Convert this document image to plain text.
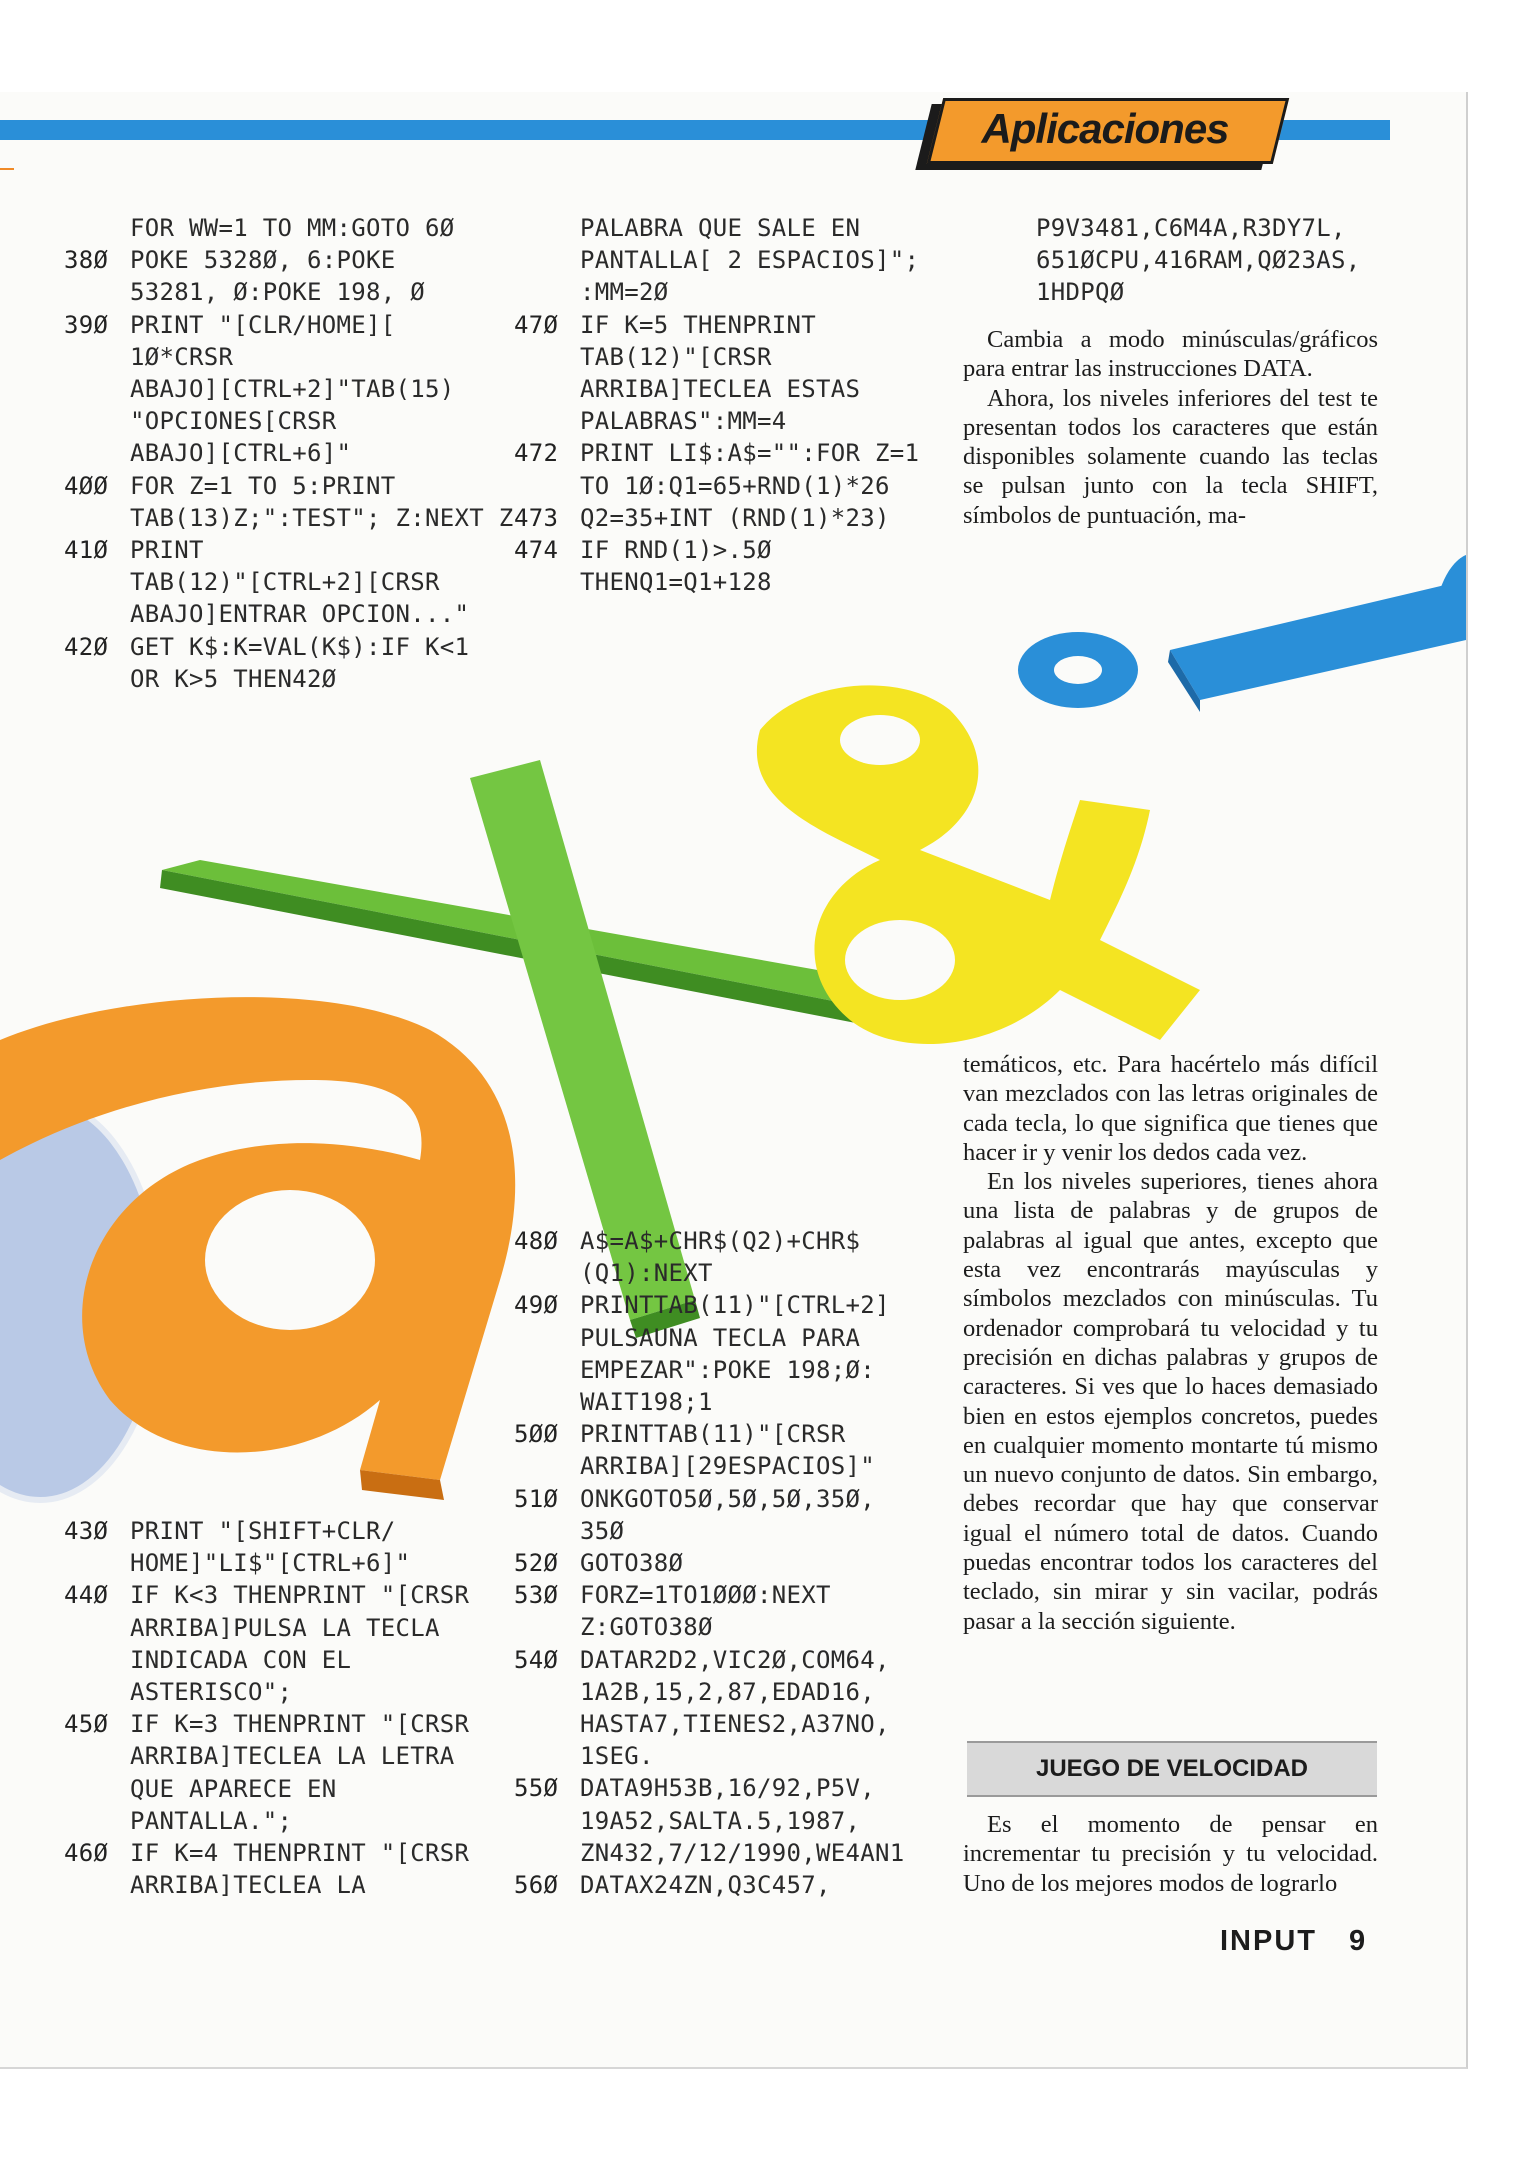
Aplicaciones
FOR WW=1 TO MM:GOTO 6Ø
38Ø POKE 5328Ø, 6:POKE
53281, Ø:POKE 198, Ø
39Ø PRINT "[CLR/HOME][
1Ø*CRSR
ABAJO][CTRL+2]"TAB(15)
"OPCIONES[CRSR
ABAJO][CTRL+6]"
4ØØ FOR Z=1 TO 5:PRINT
TAB(13)Z;":TEST"; Z:NEXT Z
41Ø PRINT
TAB(12)"[CTRL+2][CRSR
ABAJO]ENTRAR OPCION..."
42Ø GET K$:K=VAL(K$):IF K<1
OR K>5 THEN42Ø
PALABRA QUE SALE EN
PANTALLA[ 2 ESPACIOS]";
:MM=2Ø
47Ø IF K=5 THENPRINT
TAB(12)"[CRSR
ARRIBA]TECLEA ESTAS
PALABRAS":MM=4
472 PRINT LI$:A$="":FOR Z=1
TO 1Ø:Q1=65+RND(1)*26
473 Q2=35+INT (RND(1)*23)
474 IF RND(1)>.5Ø
THENQ1=Q1+128
P9V3481,C6M4A,R3DY7L,
651ØCPU,416RAM,QØ23AS,
1HDPQØ
43Ø PRINT "[SHIFT+CLR/
HOME]"LI$"[CTRL+6]"
44Ø IF K<3 THENPRINT "[CRSR
ARRIBA]PULSA LA TECLA
INDICADA CON EL
ASTERISCO";
45Ø IF K=3 THENPRINT "[CRSR
ARRIBA]TECLEA LA LETRA
QUE APARECE EN
PANTALLA.";
46Ø IF K=4 THENPRINT "[CRSR
ARRIBA]TECLEA LA
48Ø A$=A$+CHR$(Q2)+CHR$
(Q1):NEXT
49Ø PRINTTAB(11)"[CTRL+2]
PULSAUNA TECLA PARA
EMPEZAR":POKE 198;Ø:
WAIT198;1
5ØØ PRINTTAB(11)"[CRSR
ARRIBA][29ESPACIOS]"
51Ø ONKGOTO5Ø,5Ø,5Ø,35Ø,
35Ø
52Ø GOTO38Ø
53Ø FORZ=1TO1ØØØ:NEXT
Z:GOTO38Ø
54Ø DATAR2D2,VIC2Ø,COM64,
1A2B,15,2,87,EDAD16,
HASTA7,TIENES2,A37NO,
1SEG.
55Ø DATA9H53B,16/92,P5V,
19A52,SALTA.5,1987,
ZN432,7/12/1990,WE4AN1
56Ø DATAX24ZN,Q3C457,

Cambia a modo minúsculas/gráficos para entrar las instrucciones DATA.

Ahora, los niveles inferiores del test te presentan todos los caracteres que están disponibles solamente cuando las teclas se pulsan junto con la tecla SHIFT, símbolos de puntuación, ma-

temáticos, etc. Para hacértelo más difícil van mezclados con las letras originales de cada tecla, lo que significa que tienes que hacer ir y venir los dedos cada vez.

En los niveles superiores, tienes ahora una lista de palabras y de grupos de palabras al igual que antes, excepto que esta vez encontrarás mayúsculas y símbolos mezclados con minúsculas. Tu ordenador comprobará tu velocidad y tu precisión en dichas palabras y grupos de caracteres. Si ves que lo haces demasiado bien en estos ejemplos concretos, puedes en cualquier momento montarte tú mismo un nuevo conjunto de datos. Sin embargo, debes recordar que hay que conservar igual el número total de datos. Cuando puedas encontrar todos los caracteres del teclado, sin mirar y sin vacilar, podrás pasar a la sección siguiente.

JUEGO DE VELOCIDAD

Es el momento de pensar en incrementar tu precisión y tu velocidad. Uno de los mejores modos de lograrlo

INPUT 9
